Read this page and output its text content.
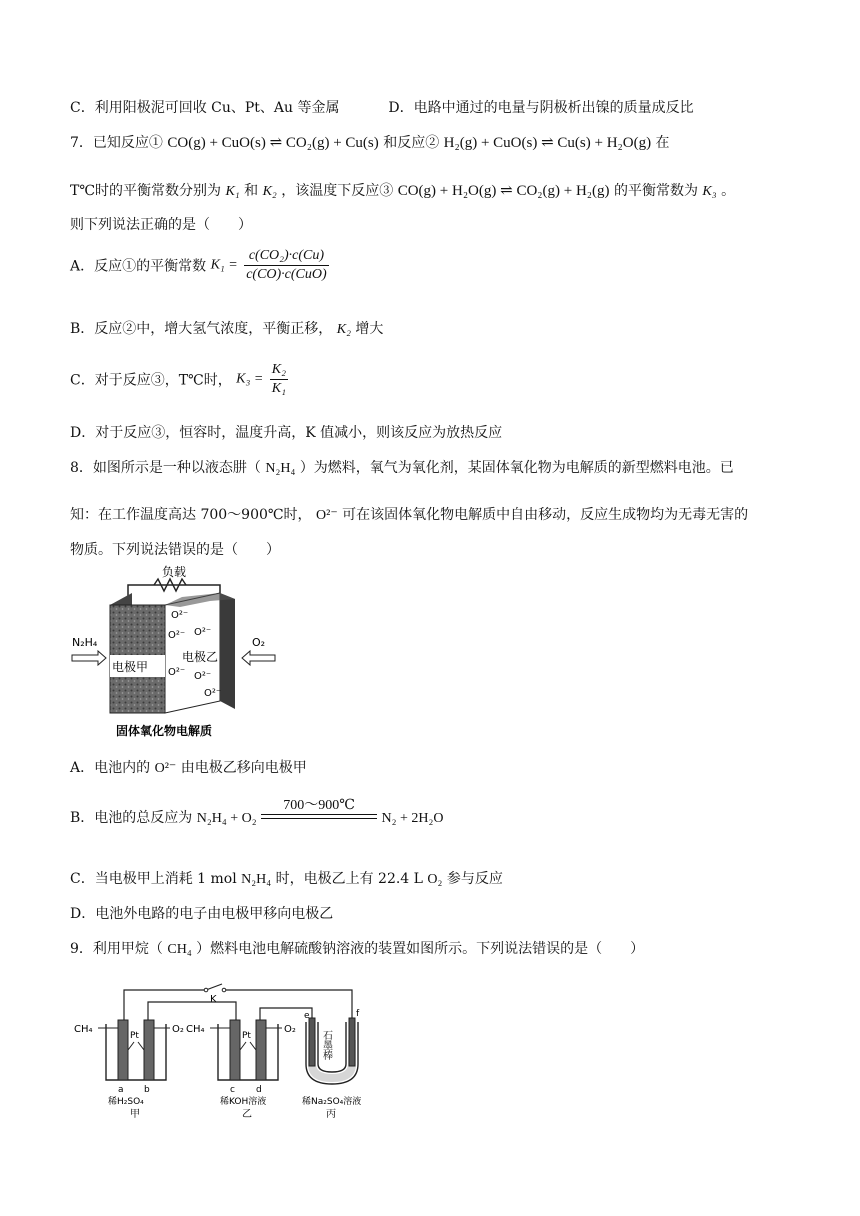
C．利用阳极泥可回收 Cu、Pt、Au 等金属	D．电路中通过的电量与阴极析出镍的质量成反比
7．已知反应① CO(g) + CuO(s) ⇌ CO₂(g) + Cu(s) 和反应② H₂(g) + CuO(s) ⇌ Cu(s) + H₂O(g) 在
T℃时的平衡常数分别为 K₁ 和 K₂ ，该温度下反应③ CO(g) + H₂O(g) ⇌ CO₂(g) + H₂(g) 的平衡常数为 K₃ 。
则下列说法正确的是（　　）
A．反应①的平衡常数 $K_1 = \frac{\text{c(CO₂)·c(Cu)}}{\text{c(CO)·c(CuO)}}$
B．反应②中，增大氢气浓度，平衡正移， K₂ 增大
C．对于反应③，T℃时， $K_3 = \frac{\text{K₂}}{\text{K₁}}$
D．对于反应③，恒容时，温度升高，K 值减小，则该反应为放热反应
8．如图所示是一种以液态肼（ N₂H₄ ）为燃料，氧气为氧化剂，某固体氧化物为电解质的新型燃料电池。已
知：在工作温度高达 700～900℃时， O²⁻ 可在该固体氧化物电解质中自由移动，反应生成物均为无毒无害的
物质。下列说法错误的是（　　）
负载
电极甲
电极乙
O²⁻
O²⁻ O²⁻
O²⁻ O²⁻
O²⁻
N₂H₄	O₂
固体氧化物电解质
A．电池内的 O²⁻ 由电极乙移向电极甲
B．电池的总反应为 N₂H₄ + O₂
700～900℃
N₂ + 2H₂O
C．当电极甲上消耗 1 mol N₂H₄ 时，电极乙上有 22.4 L O₂ 参与反应
D．电池外电路的电子由电极甲移向电极乙
9．利用甲烷（ CH₄ ）燃料电池电解硫酸钠溶液的装置如图所示。下列说法错误的是（　　）
K
Pt
CH₄	O₂
a b
稀H₂SO₄
甲
Pt
CH₄	O₂
c d
稀KOH溶液
乙
e	f
石墨棒
稀Na₂SO₄溶液
丙
